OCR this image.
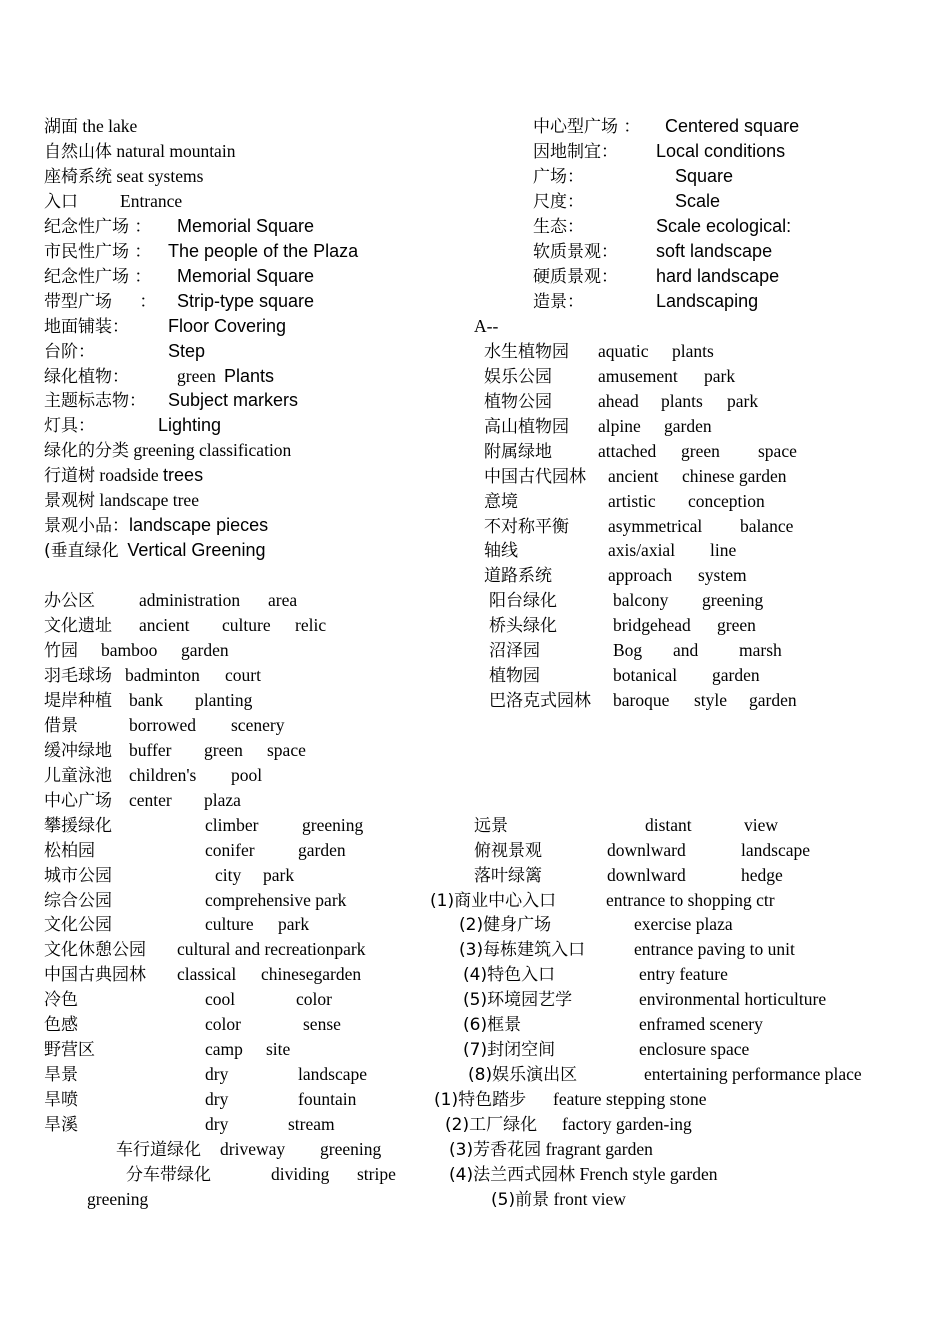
湖面 the lake
自然山体 natural mountain
座椅系统 seat systems
入口 Entrance
纪念性广场 ： Memorial Square
市民性广场 ： The people of the Plaza
纪念性广场 ： Memorial Square
带型广场 ： Strip-type square
地面铺装： Floor Covering
台阶：	Step
绿化植物：	green Plants
主题标志物： Subject markers
灯具：	Lighting
绿化的分类 greening classification
行道树 roadside trees
景观树 landscape tree
景观小品：landscape pieces
(垂直绿化 Vertical Greening
中心型广场 ： Centered square
因地制宜： Local conditions
广场：	Square
尺度：	Scale
生态：	Scale ecological:
软质景观： soft landscape
硬质景观： hard landscape
造景：	Landscaping
A--
水生植物园 aquatic plants
娱乐公园	amusement park
植物公园	ahead plants park
高山植物园 alpine garden
附属绿地	attached green space
中国古代园林 ancient chinese garden
意境	artistic conception
不对称平衡 asymmetrical balance
轴线	axis/axial line
道路系统	approach system
阳台绿化	balcony greening
桥头绿化	bridgehead green
沼泽园	Bog and marsh
植物园	botanical garden
巴洛克式园林 baroque style garden
办公区	administration area
文化遗址 ancient culture relic
竹园 bamboo garden
羽毛球场 badminton court
堤岸种植 bank planting
借景	borrowed scenery
缓冲绿地 buffer green space
儿童泳池 children's pool
中心广场 center plaza
攀援绿化	climber greening
松柏园	conifer garden
城市公园	city park
综合公园	comprehensive park
文化公园	culture park
文化休憩公园 cultural and recreationpark
中国古典园林 classical chinesegarden
冷色	cool	color
色感	color	sense
野营区	camp site
旱景	dry	landscape
旱喷	dry	fountain
旱溪	dry	stream
车行道绿化 driveway greening
分车带绿化	dividing stripe
greening
远景	distant	view
俯视景观	downlward	landscape
落叶绿篱	downlward	hedge
(1)商业中心入口	entrance to shopping ctr
(2)健身广场	exercise plaza
(3)每栋建筑入口	entrance paving to unit
(4)特色入口	entry feature
(5)环境园艺学	environmental horticulture
(6)框景	enframed scenery
(7)封闭空间	enclosure space
(8)娱乐演出区	entertaining performance place
(1)特色踏步 feature stepping stone
(2)工厂绿化 factory garden-ing
(3)芳香花园 fragrant garden
(4)法兰西式园林 French style garden
(5)前景 front view
